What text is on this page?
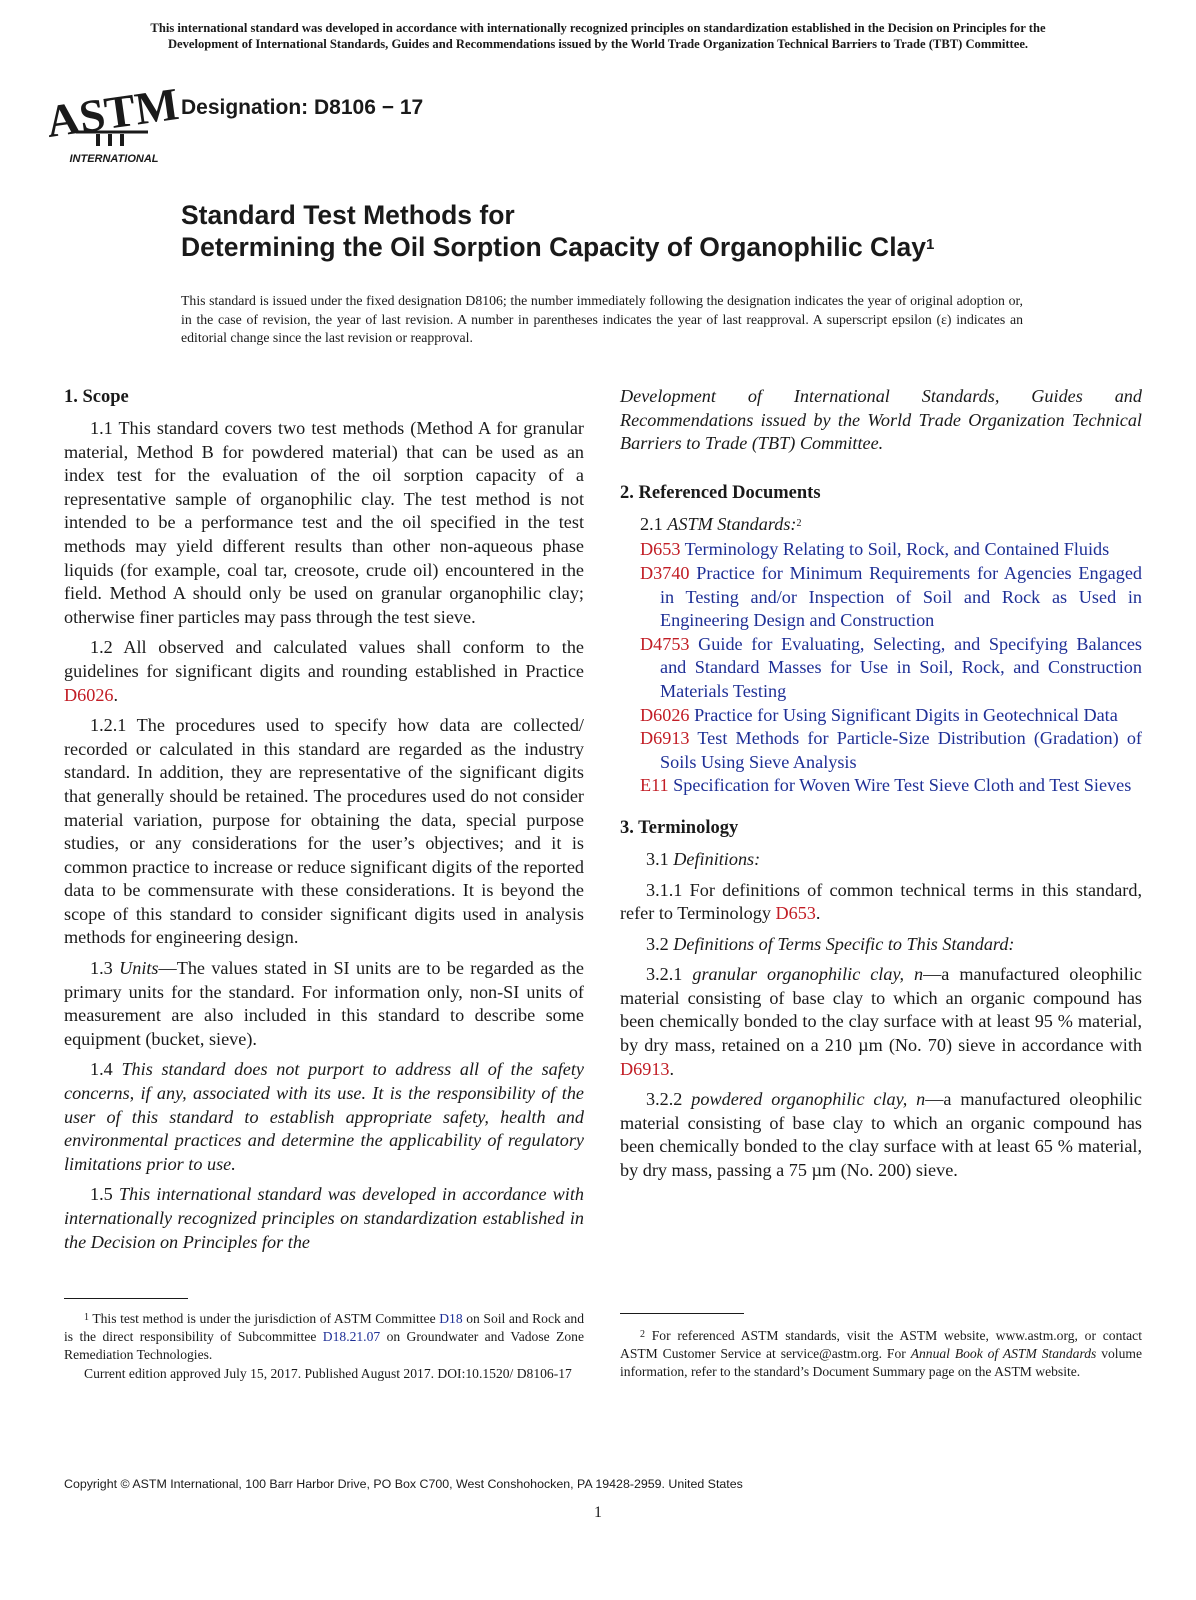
This international standard was developed in accordance with internationally recognized principles on standardization established in the Decision on Principles for the
Development of International Standards, Guides and Recommendations issued by the World Trade Organization Technical Barriers to Trade (TBT) Committee.
ASTM
INTERNATIONAL
Designation: D8106 − 17
Standard Test Methods for
Determining the Oil Sorption Capacity of Organophilic Clay$^1$
This standard is issued under the fixed designation D8106; the number immediately following the designation indicates the year of original adoption or, in the case of revision, the year of last revision. A number in parentheses indicates the year of last reapproval. A superscript epsilon (ε) indicates an editorial change since the last revision or reapproval.
1. Scope

1.1 This standard covers two test methods (Method A for granular material, Method B for powdered material) that can be used as an index test for the evaluation of the oil sorption capacity of a representative sample of organophilic clay. The test method is not intended to be a performance test and the oil specified in the test methods may yield different results than other non-aqueous phase liquids (for example, coal tar, creosote, crude oil) encountered in the field. Method A should only be used on granular organophilic clay; otherwise finer particles may pass through the test sieve.

1.2 All observed and calculated values shall conform to the guidelines for significant digits and rounding established in Practice D6026.

1.2.1 The procedures used to specify how data are collected/ recorded or calculated in this standard are regarded as the industry standard. In addition, they are representative of the significant digits that generally should be retained. The procedures used do not consider material variation, purpose for obtaining the data, special purpose studies, or any considerations for the user’s objectives; and it is common practice to increase or reduce significant digits of the reported data to be commensurate with these considerations. It is beyond the scope of this standard to consider significant digits used in analysis methods for engineering design.

1.3 Units—The values stated in SI units are to be regarded as the primary units for the standard. For information only, non-SI units of measurement are also included in this standard to describe some equipment (bucket, sieve).

1.4 This standard does not purport to address all of the safety concerns, if any, associated with its use. It is the responsibility of the user of this standard to establish appropriate safety, health and environmental practices and determine the applicability of regulatory limitations prior to use.

1.5 This international standard was developed in accordance with internationally recognized principles on standardization established in the Decision on Principles for the

Development of International Standards, Guides and Recommendations issued by the World Trade Organization Technical Barriers to Trade (TBT) Committee.

2. Referenced Documents

2.1 ASTM Standards:$^2$

D653 Terminology Relating to Soil, Rock, and Contained Fluids
D3740 Practice for Minimum Requirements for Agencies Engaged in Testing and/or Inspection of Soil and Rock as Used in Engineering Design and Construction
D4753 Guide for Evaluating, Selecting, and Specifying Balances and Standard Masses for Use in Soil, Rock, and Construction Materials Testing
D6026 Practice for Using Significant Digits in Geotechnical Data
D6913 Test Methods for Particle-Size Distribution (Gradation) of Soils Using Sieve Analysis
E11 Specification for Woven Wire Test Sieve Cloth and Test Sieves
3. Terminology

3.1 Definitions:

3.1.1 For definitions of common technical terms in this standard, refer to Terminology D653.

3.2 Definitions of Terms Specific to This Standard:

3.2.1 granular organophilic clay, n—a manufactured oleophilic material consisting of base clay to which an organic compound has been chemically bonded to the clay surface with at least 95 % material, by dry mass, retained on a 210 µm (No. 70) sieve in accordance with D6913.

3.2.2 powdered organophilic clay, n—a manufactured oleophilic material consisting of base clay to which an organic compound has been chemically bonded to the clay surface with at least 65 % material, by dry mass, passing a 75 µm (No. 200) sieve.

$^1$ This test method is under the jurisdiction of ASTM Committee D18 on Soil and Rock and is the direct responsibility of Subcommittee D18.21.07 on Groundwater and Vadose Zone Remediation Technologies.

Current edition approved July 15, 2017. Published August 2017. DOI:10.1520/ D8106-17

$^2$ For referenced ASTM standards, visit the ASTM website, www.astm.org, or contact ASTM Customer Service at service@astm.org. For Annual Book of ASTM Standards volume information, refer to the standard’s Document Summary page on the ASTM website.

Copyright © ASTM International, 100 Barr Harbor Drive, PO Box C700, West Conshohocken, PA 19428-2959. United States
1
